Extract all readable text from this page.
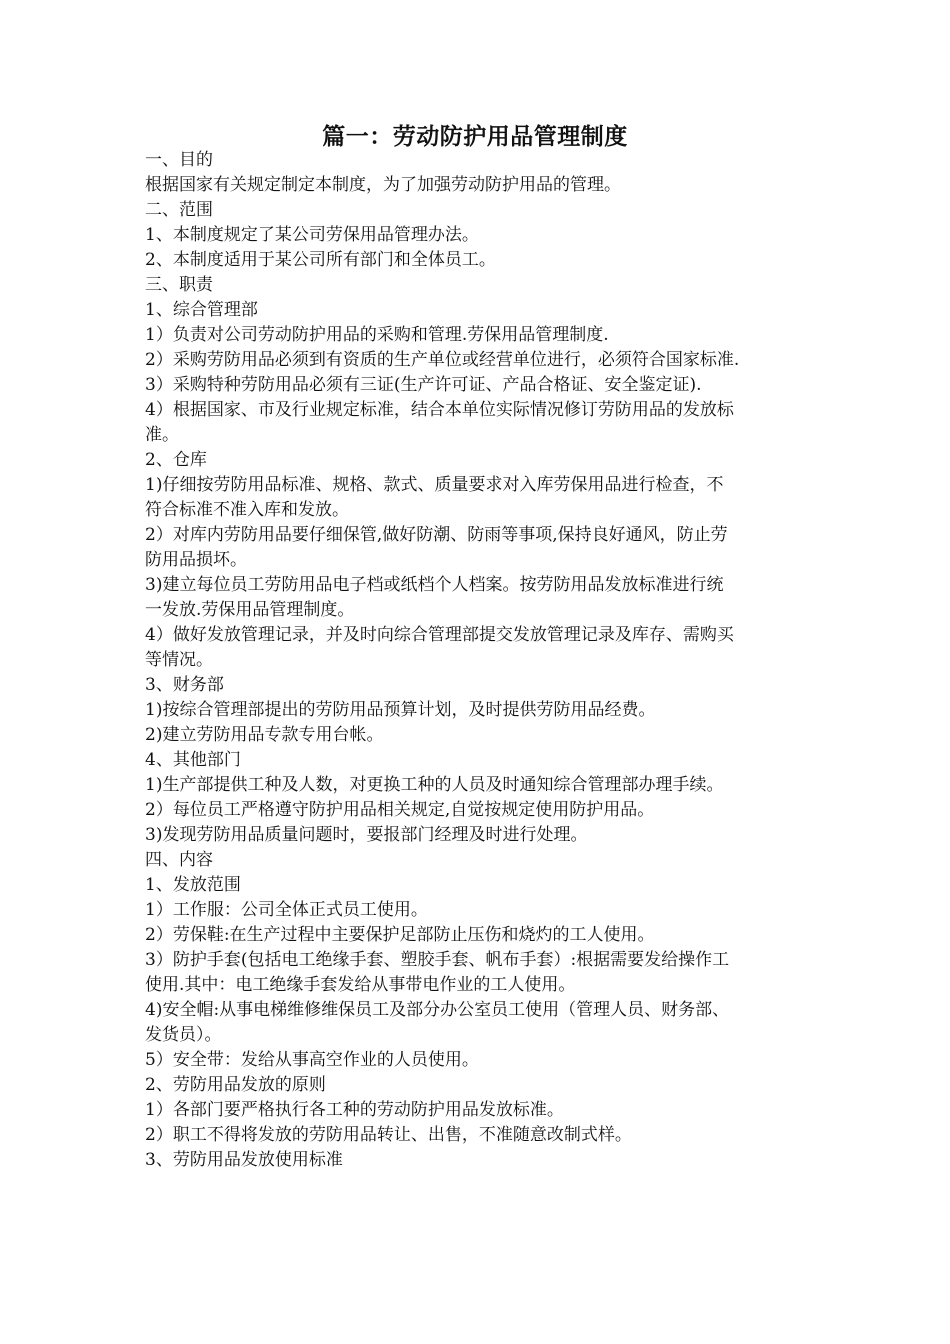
篇一：劳动防护用品管理制度
一、目的
根据国家有关规定制定本制度，为了加强劳动防护用品的管理。
二、范围
1、本制度规定了某公司劳保用品管理办法。
2、本制度适用于某公司所有部门和全体员工。
三、职责
1、综合管理部
1）负责对公司劳动防护用品的采购和管理.劳保用品管理制度.
2）采购劳防用品必须到有资质的生产单位或经营单位进行，必须符合国家标准.
3）采购特种劳防用品必须有三证(生产许可证、产品合格证、安全鉴定证).
4）根据国家、市及行业规定标准，结合本单位实际情况修订劳防用品的发放标
准。
2、仓库
1)仔细按劳防用品标准、规格、款式、质量要求对入库劳保用品进行检查，不
符合标准不准入库和发放。
2）对库内劳防用品要仔细保管,做好防潮、防雨等事项,保持良好通风，防止劳
防用品损坏。
3)建立每位员工劳防用品电子档或纸档个人档案。按劳防用品发放标准进行统
一发放.劳保用品管理制度。
4）做好发放管理记录，并及时向综合管理部提交发放管理记录及库存、需购买
等情况。
3、财务部
1)按综合管理部提出的劳防用品预算计划，及时提供劳防用品经费。
2)建立劳防用品专款专用台帐。
4、其他部门
1)生产部提供工种及人数，对更换工种的人员及时通知综合管理部办理手续。
2）每位员工严格遵守防护用品相关规定,自觉按规定使用防护用品。
3)发现劳防用品质量问题时，要报部门经理及时进行处理。
四、内容
1、发放范围
1）工作服：公司全体正式员工使用。
2）劳保鞋:在生产过程中主要保护足部防止压伤和烧灼的工人使用。
3）防护手套(包括电工绝缘手套、塑胶手套、帆布手套）:根据需要发给操作工
使用.其中：电工绝缘手套发给从事带电作业的工人使用。
4)安全帽:从事电梯维修维保员工及部分办公室员工使用（管理人员、财务部、
发货员）。
5）安全带：发给从事高空作业的人员使用。
2、劳防用品发放的原则
1）各部门要严格执行各工种的劳动防护用品发放标准。
2）职工不得将发放的劳防用品转让、出售，不准随意改制式样。
3、劳防用品发放使用标准
